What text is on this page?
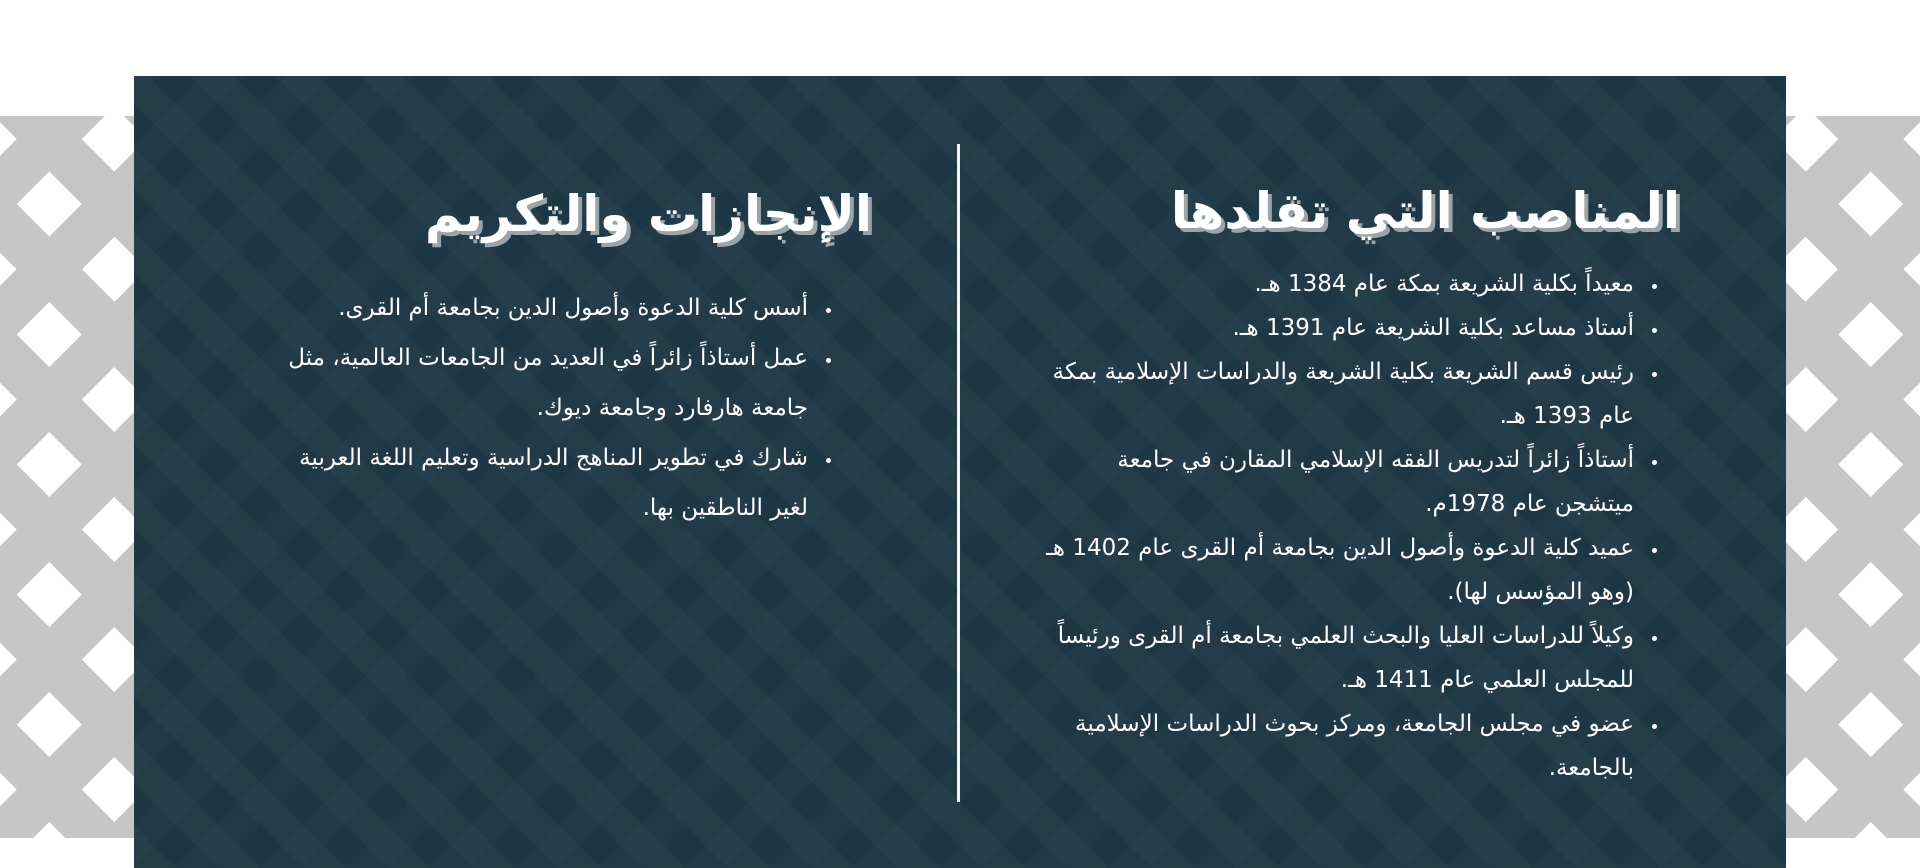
المناصب التي تقلدها
• معيداً بكلية الشريعة بمكة عام 1384 هـ.
• أستاذ مساعد بكلية الشريعة عام 1391 هـ.
• رئيس قسم الشريعة بكلية الشريعة والدراسات الإسلامية بمكة عام 1393 هـ.
• أستاذاً زائراً لتدريس الفقه الإسلامي المقارن في جامعة ميتشجن عام 1978م.
• عميد كلية الدعوة وأصول الدين بجامعة أم القرى عام 1402 هـ (وهو المؤسس لها).
• وكيلاً للدراسات العليا والبحث العلمي بجامعة أم القرى ورئيساً للمجلس العلمي عام 1411 هـ.
• عضو في مجلس الجامعة، ومركز بحوث الدراسات الإسلامية بالجامعة.
الإنجازات والتكريم
• أسس كلية الدعوة وأصول الدين بجامعة أم القرى.
• عمل أستاذاً زائراً في العديد من الجامعات العالمية، مثل جامعة هارفارد وجامعة ديوك.
• شارك في تطوير المناهج الدراسية وتعليم اللغة العربية لغير الناطقين بها.
